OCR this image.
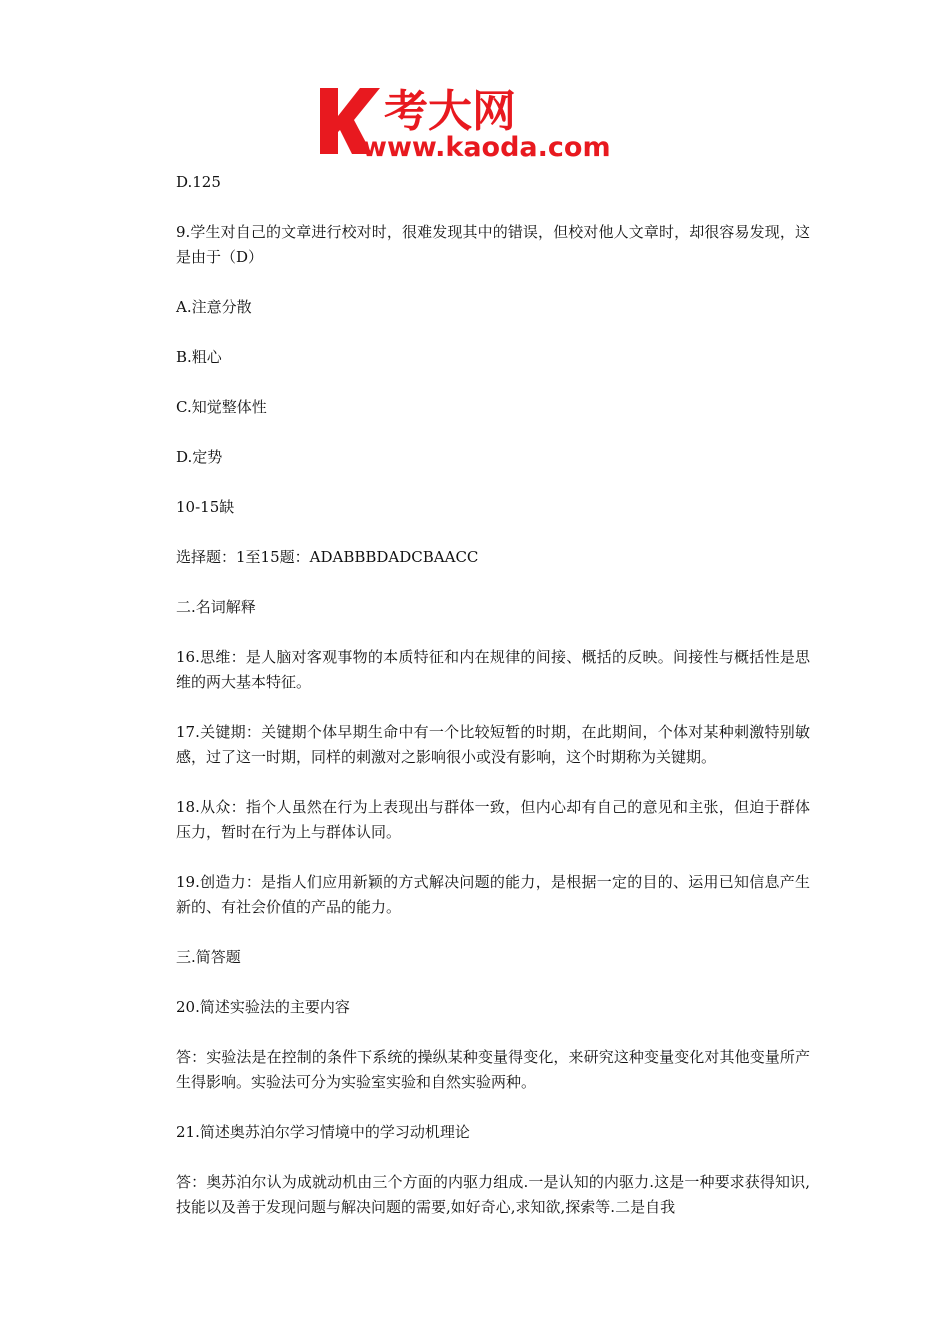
考大网
www.kaoda.com

D.125

9.学生对自己的文章进行校对时，很难发现其中的错误，但校对他人文章时，却很容易发现，这是由于（D）

A.注意分散

B.粗心

C.知觉整体性

D.定势

10-15缺

选择题：1至15题：ADABBBDADCBAACC

二.名词解释

16.思维：是人脑对客观事物的本质特征和内在规律的间接、概括的反映。间接性与概括性是思维的两大基本特征。

17.关键期：关键期个体早期生命中有一个比较短暂的时期，在此期间，个体对某种刺激特别敏感，过了这一时期，同样的刺激对之影响很小或没有影响，这个时期称为关键期。

18.从众：指个人虽然在行为上表现出与群体一致，但内心却有自己的意见和主张，但迫于群体压力，暂时在行为上与群体认同。

19.创造力：是指人们应用新颖的方式解决问题的能力，是根据一定的目的、运用已知信息产生新的、有社会价值的产品的能力。

三.简答题

20.简述实验法的主要内容

答：实验法是在控制的条件下系统的操纵某种变量得变化，来研究这种变量变化对其他变量所产生得影响。实验法可分为实验室实验和自然实验两种。

21.简述奥苏泊尔学习情境中的学习动机理论

答：奥苏泊尔认为成就动机由三个方面的内驱力组成.一是认知的内驱力.这是一种要求获得知识,技能以及善于发现问题与解决问题的需要,如好奇心,求知欲,探索等.二是自我
